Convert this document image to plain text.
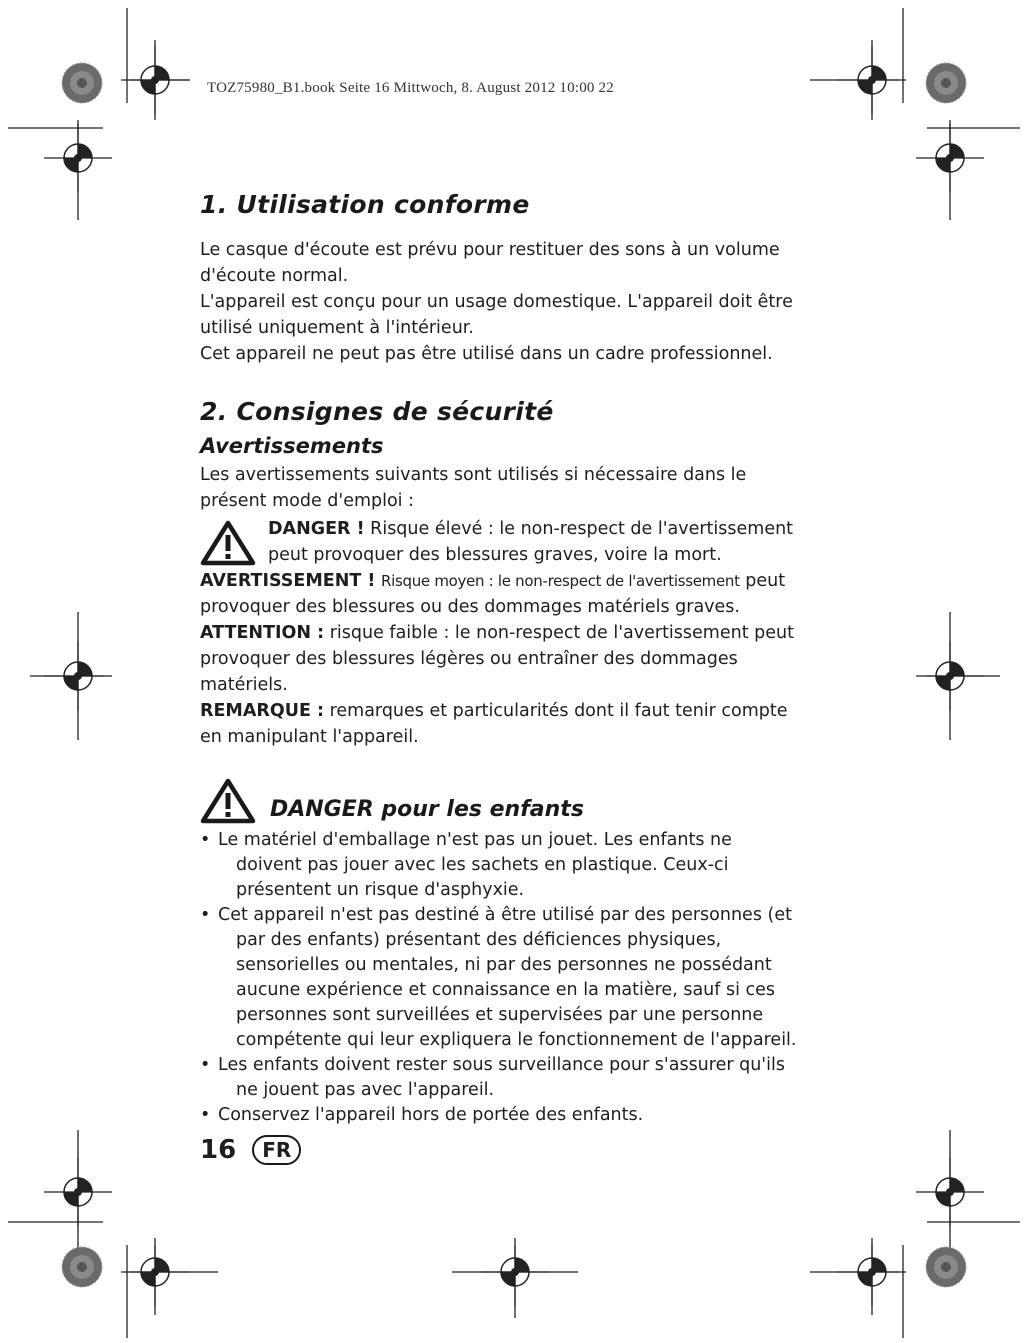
TOZ75980_B1.book Seite 16 Mittwoch, 8. August 2012 10:00 22
1. Utilisation conforme

Le casque d'écoute est prévu pour restituer des sons à un volume d'écoute normal.

L'appareil est conçu pour un usage domestique. L'appareil doit être utilisé uniquement à l'intérieur.

Cet appareil ne peut pas être utilisé dans un cadre professionnel.

2. Consignes de sécurité
Avertissements

Les avertissements suivants sont utilisés si nécessaire dans le présent mode d'emploi :

DANGER ! Risque élevé : le non-respect de l'avertissement peut provoquer des blessures graves, voire la mort.

AVERTISSEMENT ! Risque moyen : le non-respect de l'avertissement peut provoquer des blessures ou des dommages matériels graves.

ATTENTION : risque faible : le non-respect de l'avertissement peut provoquer des blessures légères ou entraîner des dommages matériels.

REMARQUE : remarques et particularités dont il faut tenir compte en manipulant l'appareil.

DANGER pour les enfants
• Le matériel d'emballage n'est pas un jouet. Les enfants ne doivent pas jouer avec les sachets en plastique. Ceux-ci présentent un risque d'asphyxie.
• Cet appareil n'est pas destiné à être utilisé par des personnes (et par des enfants) présentant des déficiences physiques, sensorielles ou mentales, ni par des personnes ne possédant aucune expérience et connaissance en la matière, sauf si ces personnes sont surveillées et supervisées par une personne compétente qui leur expliquera le fonctionnement de l'appareil.
• Les enfants doivent rester sous surveillance pour s'assurer qu'ils ne jouent pas avec l'appareil.
• Conservez l'appareil hors de portée des enfants.
16	FR
